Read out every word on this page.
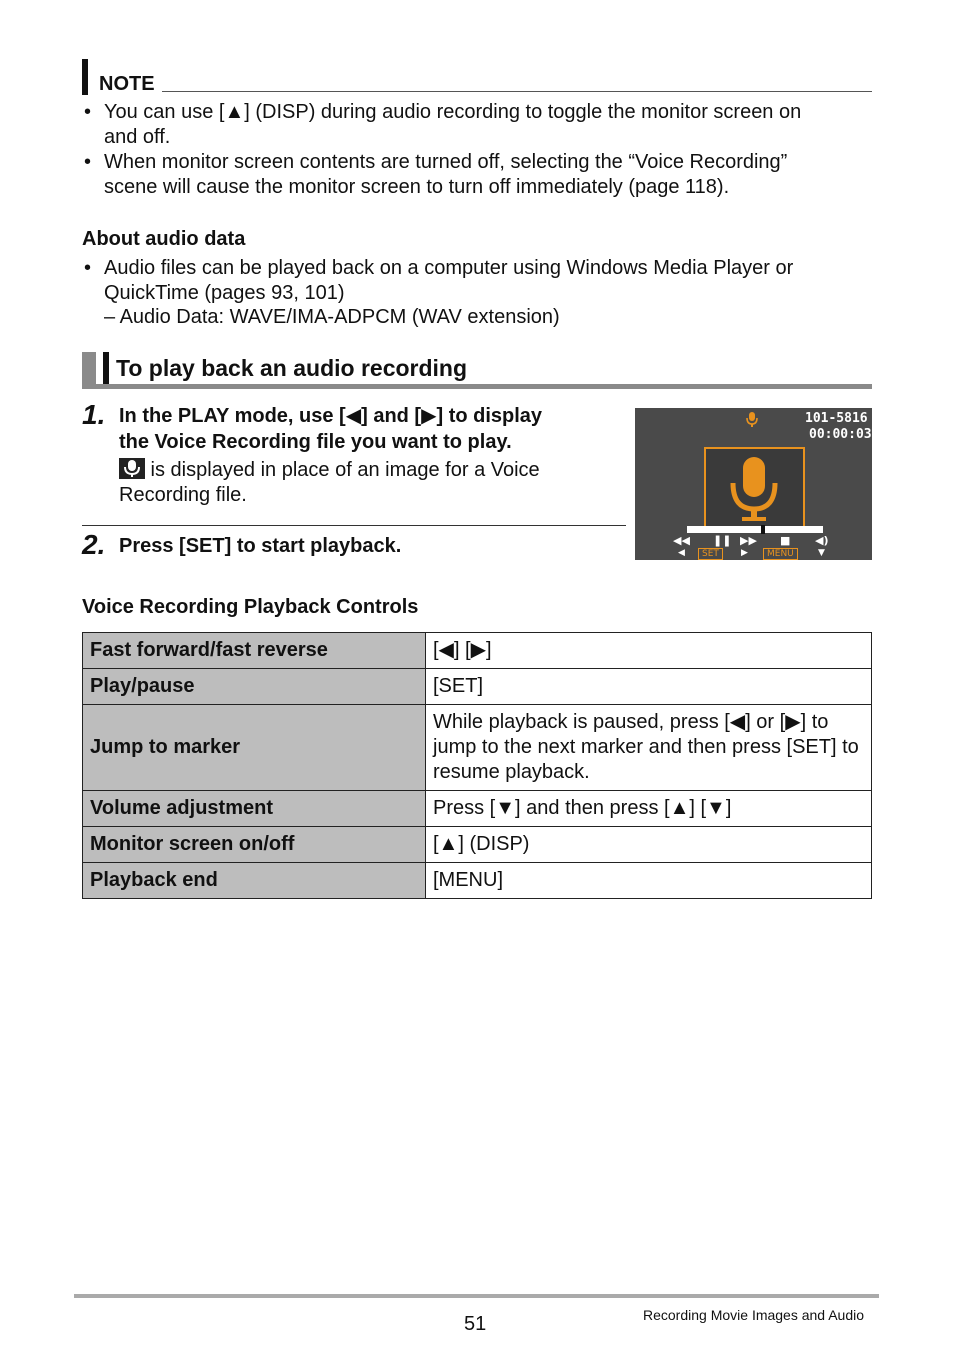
NOTE
• You can use [▲] (DISP) during audio recording to toggle the monitor screen on
and off.
• When monitor screen contents are turned off, selecting the “Voice Recording”
scene will cause the monitor screen to turn off immediately (page 118).
About audio data
• Audio files can be played back on a computer using Windows Media Player or
QuickTime (pages 93, 101)
– Audio Data: WAVE/IMA-ADPCM (WAV extension)
To play back an audio recording
1. In the PLAY mode, use [◀] and [▶] to display
the Voice Recording file you want to play.
is displayed in place of an image for a Voice
Recording file.
2. Press [SET] to start playback.
101-5816
00:00:03
◀◀ ❚❚ ▶▶ ■ ◀)
◀	SET	▶	MENU	▼
Voice Recording Playback Controls
Fast forward/fast reverse	[◀] [▶]
Play/pause	[SET]
Jump to marker	While playback is paused, press [◀] or [▶] to jump to the next marker and then press [SET] to resume playback.
Volume adjustment	Press [▼] and then press [▲] [▼]
Monitor screen on/off	[▲] (DISP)
Playback end	[MENU]
51	Recording Movie Images and Audio
